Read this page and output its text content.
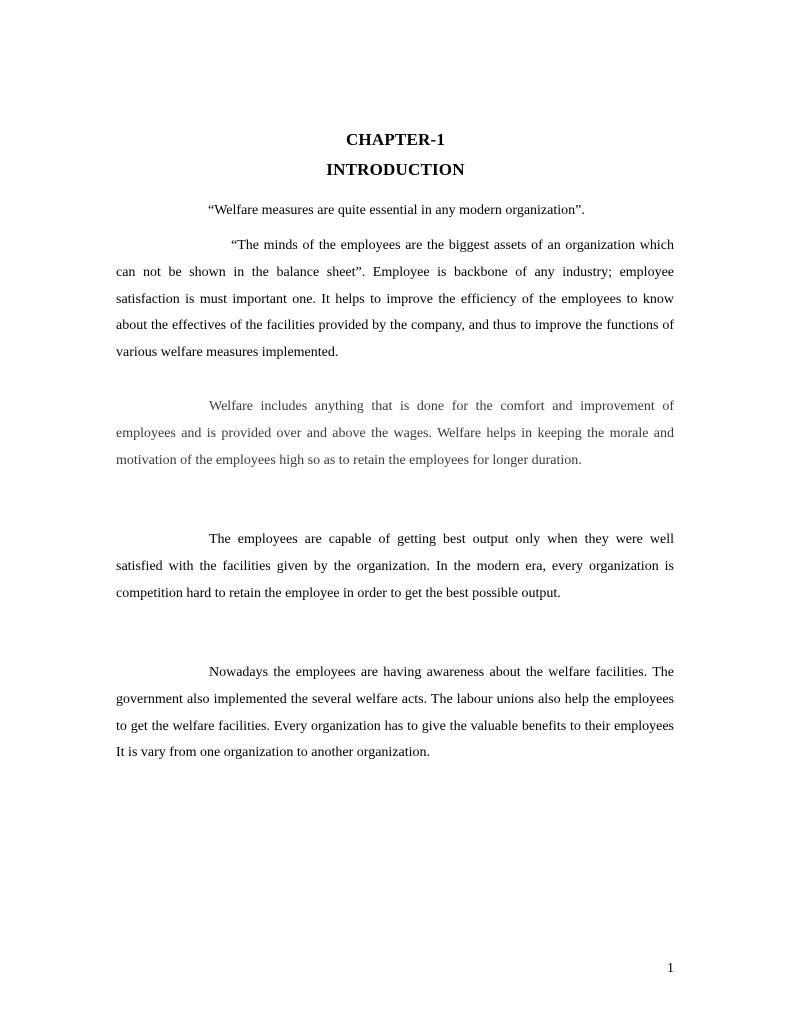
CHAPTER-1
INTRODUCTION
“Welfare measures are quite essential in any modern organization”.

“The minds of the employees are the biggest assets of an organization which can not be shown in the balance sheet”. Employee is backbone of any industry; employee satisfaction is must important one. It helps to improve the efficiency of the employees to know about the effectives of the facilities provided by the company, and thus to improve the functions of various welfare measures implemented.

Welfare includes anything that is done for the comfort and improvement of employees and is provided over and above the wages. Welfare helps in keeping the morale and motivation of the employees high so as to retain the employees for longer duration.

The employees are capable of getting best output only when they were well satisfied with the facilities given by the organization. In the modern era, every organization is competition hard to retain the employee in order to get the best possible output.

Nowadays the employees are having awareness about the welfare facilities. The government also implemented the several welfare acts. The labour unions also help the employees to get the welfare facilities. Every organization has to give the valuable benefits to their employees It is vary from one organization to another organization.

1
